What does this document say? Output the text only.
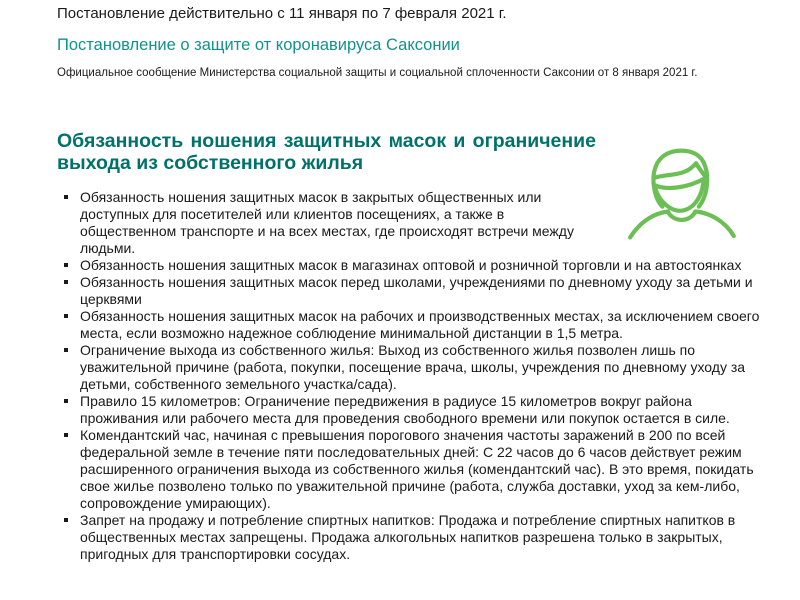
Постановление действительно с 11 января по 7 февраля 2021 г.
Постановление о защите от коронавируса Саксонии
Официальное сообщение Министерства социальной защиты и социальной сплоченности Саксонии от 8 января 2021 г.
Обязанность ношения защитных масок и ограничение выхода из собственного жилья
Обязанность ношения защитных масок в закрытых общественных или доступных для посетителей или клиентов посещениях, а также в общественном транспорте и на всех местах, где происходят встречи между людьми.
Обязанность ношения защитных масок в магазинах оптовой и розничной торговли и на автостоянках
Обязанность ношения защитных масок перед школами, учреждениями по дневному уходу за детьми и церквями
Обязанность ношения защитных масок на рабочих и производственных местах, за исключением своего места, если возможно надежное соблюдение минимальной дистанции в 1,5 метра.
Ограничение выхода из собственного жилья: Выход из собственного жилья позволен лишь по уважительной причине (работа, покупки, посещение врача, школы, учреждения по дневному уходу за детьми, собственного земельного участка/сада).
Правило 15 километров: Ограничение передвижения в радиусе 15 километров вокруг района проживания или рабочего места для проведения свободного времени или покупок остается в силе.
Комендантский час, начиная с превышения порогового значения частоты заражений в 200 по всей федеральной земле в течение пяти последовательных дней: С 22 часов до 6 часов действует режим расширенного ограничения выхода из собственного жилья (комендантский час). В это время, покидать свое жилье позволено только по уважительной причине (работа, служба доставки, уход за кем-либо, сопровождение умирающих).
Запрет на продажу и потребление спиртных напитков: Продажа и потребление спиртных напитков в общественных местах запрещены. Продажа алкогольных напитков разрешена только в закрытых, пригодных для транспортировки сосудах.
